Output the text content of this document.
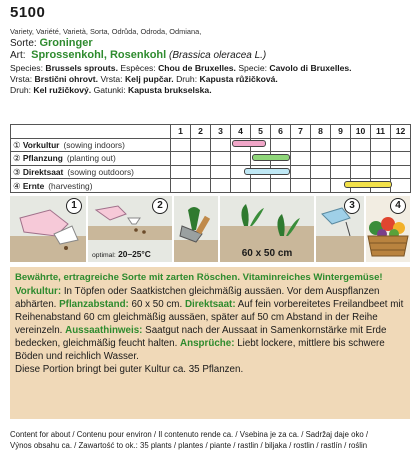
5100
Variety, Variété, Varietà, Sorta, Odrůda, Odroda, Odmiana,
Sorte: Groninger
Art: Sprossenkohl, Rosenkohl (Brassica oleracea L.)
Species: Brussels sprouts. Espèces: Chou de Bruxelles. Specie: Cavolo di Bruxelles.
Vrsta: Brstični ohrovt. Vrsta: Kelj pupčar. Druh: Kapusta růžičková.
Druh: Kel ružičkový. Gatunki: Kapusta brukselska.
	1	2	3	4	5	6	7	8	9	10	11	12
① Vorkultur (sowing indoors)												
② Pflanzung (planting out)												
③ Direktsaat (sowing outdoors)												
④ Ernte (harvesting)												
1	2
optimal: 20–25°C	60 x 50 cm
3	4

Bewährte, ertragreiche Sorte mit zarten Röschen. Vitaminreiches Wintergemüse!

Vorkultur: In Töpfen oder Saatkistchen gleichmäßig aussäen. Vor dem Auspflanzen abhärten. Pflanzabstand: 60 x 50 cm. Direktsaat: Auf fein vorbereitetes Freilandbeet mit Reihenabstand 60 cm gleichmäßig aussäen, später auf 50 cm Abstand in der Reihe vereinzeln. Aussaathinweis: Saatgut nach der Aussaat in Samenkornstärke mit Erde bedecken, gleichmäßig feucht halten. Ansprüche: Liebt lockere, mittlere bis schwere Böden und reichlich Wasser.

Diese Portion bringt bei guter Kultur ca. 35 Pflanzen.

Content for about / Contenu pour environ / Il contenuto rende ca. / Vsebina je za ca. / Sadržaj daje oko /
Výnos obsahu ca. / Zawartość to ok.: 35 plants / plantes / piante / rastlin / biljaka / rostlin / rastlín / roślin
